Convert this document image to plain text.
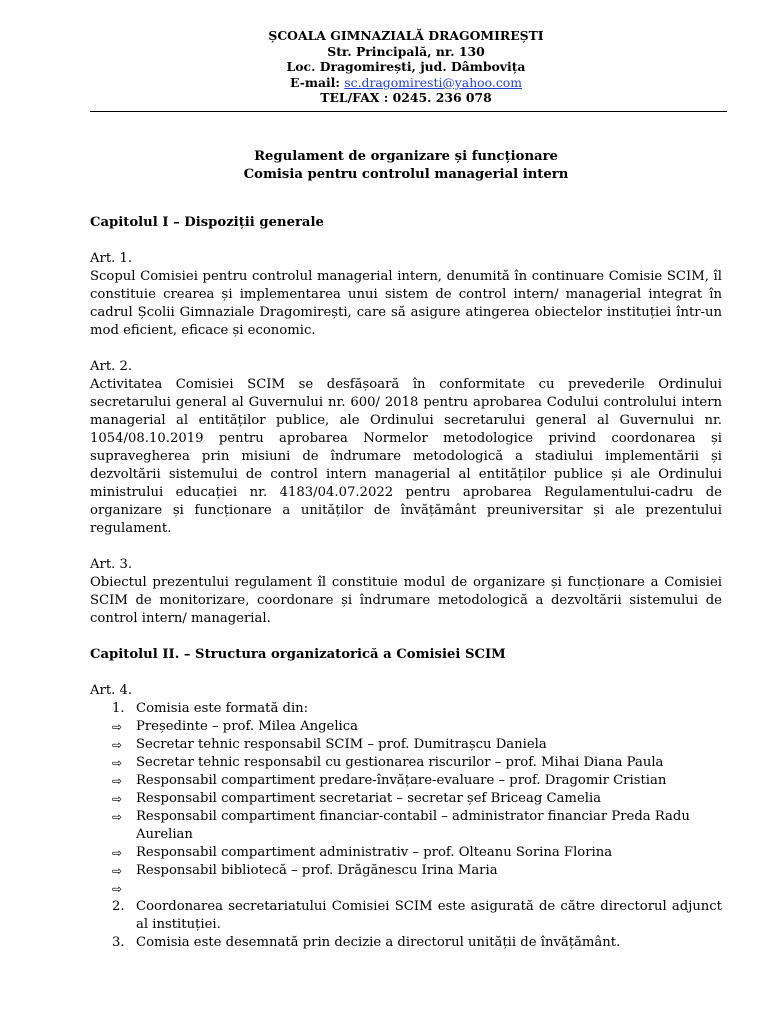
ȘCOALA GIMNAZIALĂ DRAGOMIREȘTI
Str. Principală, nr. 130
Loc. Dragomirești, jud. Dâmbovița
E-mail: sc.dragomiresti@yahoo.com
TEL/FAX : 0245. 236 078
Regulament de organizare și funcționare
Comisia pentru controlul managerial intern
Capitolul I – Dispoziții generale
Art. 1.
Scopul Comisiei pentru controlul managerial intern, denumită în continuare Comisie SCIM, îl constituie crearea și implementarea unui sistem de control intern/ managerial integrat în cadrul Școlii Gimnaziale Dragomirești, care să asigure atingerea obiectelor instituției într-un mod eficient, eficace și economic.
Art. 2.
Activitatea Comisiei SCIM se desfășoară în conformitate cu prevederile Ordinului secretarului general al Guvernului nr. 600/ 2018 pentru aprobarea Codului controlului intern managerial al entităților publice, ale Ordinului secretarului general al Guvernului nr. 1054/08.10.2019 pentru aprobarea Normelor metodologice privind coordonarea și supravegherea prin misiuni de îndrumare metodologică a stadiului implementării și dezvoltării sistemului de control intern managerial al entităților publice și ale Ordinului ministrului educației nr. 4183/04.07.2022 pentru aprobarea Regulamentului-cadru de organizare și funcționare a unităților de învățământ preuniversitar și ale prezentului regulament.
Art. 3.
Obiectul prezentului regulament îl constituie modul de organizare și funcționare a Comisiei SCIM de monitorizare, coordonare și îndrumare metodologică a dezvoltării sistemului de control intern/ managerial.
Capitolul II. – Structura organizatorică a Comisiei SCIM
Art. 4.
1. Comisia este formată din:
⇨ Președinte – prof. Milea Angelica
⇨ Secretar tehnic responsabil SCIM – prof. Dumitrașcu Daniela
⇨ Secretar tehnic responsabil cu gestionarea riscurilor – prof. Mihai Diana Paula
⇨ Responsabil compartiment predare-învățare-evaluare – prof. Dragomir Cristian
⇨ Responsabil compartiment secretariat – secretar șef Briceag Camelia
⇨ Responsabil compartiment financiar-contabil – administrator financiar Preda Radu Aurelian
⇨ Responsabil compartiment administrativ – prof. Olteanu Sorina Florina
⇨ Responsabil bibliotecă – prof. Drăgănescu Irina Maria
⇨
2. Coordonarea secretariatului Comisiei SCIM este asigurată de către directorul adjunct al instituției.
3. Comisia este desemnată prin decizie a directorul unității de învățământ.
